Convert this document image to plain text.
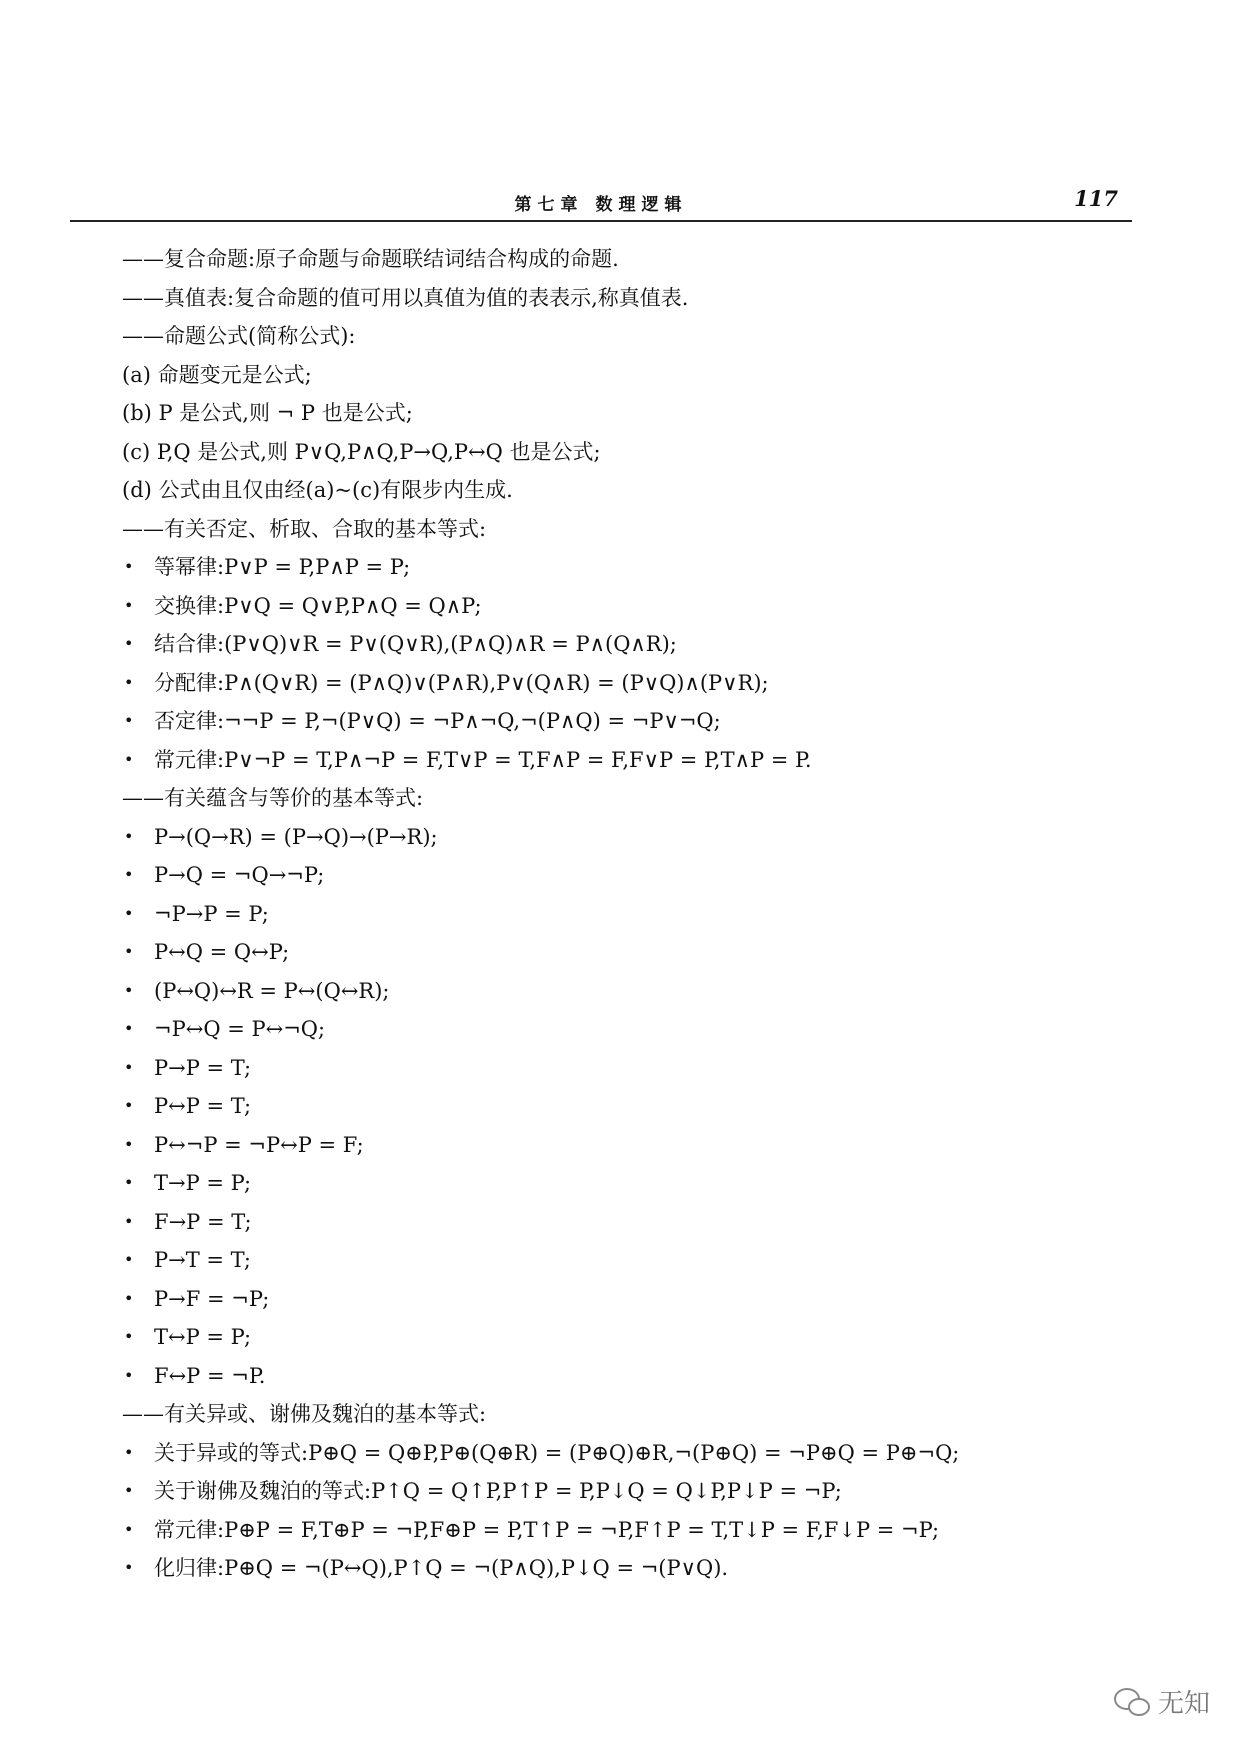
第七章 数理逻辑	117
——复合命题:原子命题与命题联结词结合构成的命题.
——真值表:复合命题的值可用以真值为值的表表示,称真值表.
——命题公式(简称公式):
(a) 命题变元是公式;
(b) P 是公式,则 ¬ P 也是公式;
(c) P,Q 是公式,则 P∨Q,P∧Q,P→Q,P↔Q 也是公式;
(d) 公式由且仅由经(a)~(c)有限步内生成.
——有关否定、析取、合取的基本等式:
• 等幂律:P∨P = P,P∧P = P;
• 交换律:P∨Q = Q∨P,P∧Q = Q∧P;
• 结合律:(P∨Q)∨R = P∨(Q∨R),(P∧Q)∧R = P∧(Q∧R);
• 分配律:P∧(Q∨R) = (P∧Q)∨(P∧R),P∨(Q∧R) = (P∨Q)∧(P∨R);
• 否定律:¬¬P = P,¬(P∨Q) = ¬P∧¬Q,¬(P∧Q) = ¬P∨¬Q;
• 常元律:P∨¬P = T,P∧¬P = F,T∨P = T,F∧P = F,F∨P = P,T∧P = P.
——有关蕴含与等价的基本等式:
• P→(Q→R) = (P→Q)→(P→R);
• P→Q = ¬Q→¬P;
• ¬P→P = P;
• P↔Q = Q↔P;
• (P↔Q)↔R = P↔(Q↔R);
• ¬P↔Q = P↔¬Q;
• P→P = T;
• P↔P = T;
• P↔¬P = ¬P↔P = F;
• T→P = P;
• F→P = T;
• P→T = T;
• P→F = ¬P;
• T↔P = P;
• F↔P = ¬P.
——有关异或、谢佛及魏泊的基本等式:
• 关于异或的等式:P⊕Q = Q⊕P,P⊕(Q⊕R) = (P⊕Q)⊕R,¬(P⊕Q) = ¬P⊕Q = P⊕¬Q;
• 关于谢佛及魏泊的等式:P↑Q = Q↑P,P↑P = P,P↓Q = Q↓P,P↓P = ¬P;
• 常元律:P⊕P = F,T⊕P = ¬P,F⊕P = P,T↑P = ¬P,F↑P = T,T↓P = F,F↓P = ¬P;
• 化归律:P⊕Q = ¬(P↔Q),P↑Q = ¬(P∧Q),P↓Q = ¬(P∨Q).
无知
